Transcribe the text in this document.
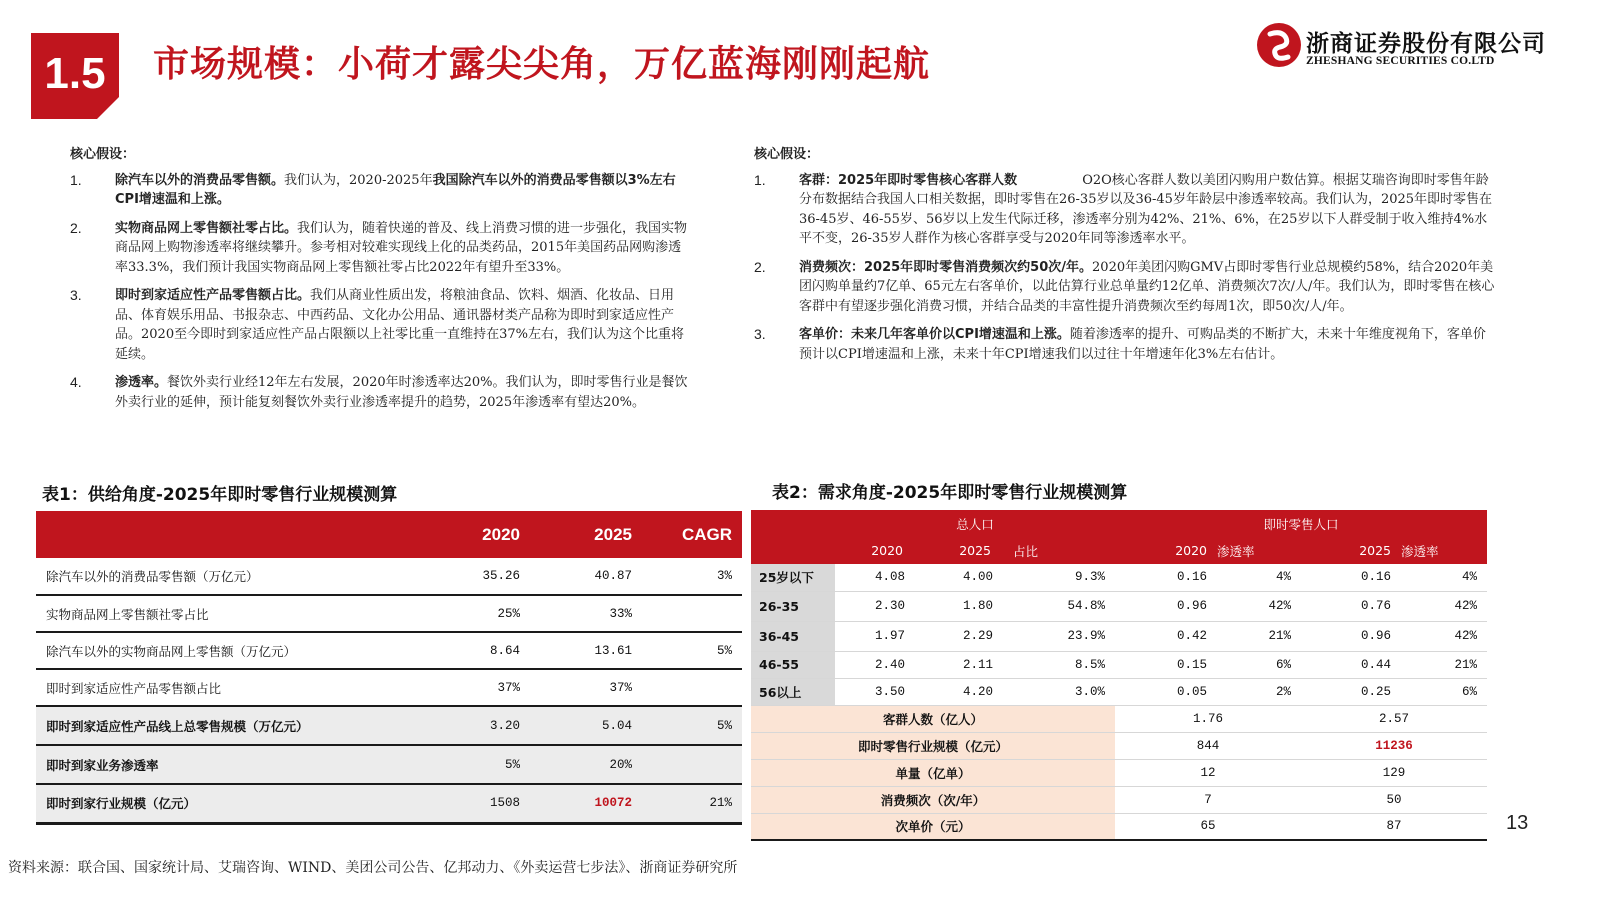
1.5	市场规模：小荷才露尖尖角，万亿蓝海刚刚起航	浙商证券股份有限公司
ZHESHANG SECURITIES CO.LTD
核心假设：
1.	除汽车以外的消费品零售额。我们认为，2020-2025年我国除汽车以外的消费品零售额以3%左右CPI增速温和上涨。
2.	实物商品网上零售额社零占比。我们认为，随着快递的普及、线上消费习惯的进一步强化，我国实物商品网上购物渗透率将继续攀升。参考相对较难实现线上化的品类药品，2015年美国药品网购渗透率33.3%，我们预计我国实物商品网上零售额社零占比2022年有望升至33%。
3.	即时到家适应性产品零售额占比。我们从商业性质出发，将粮油食品、饮料、烟酒、化妆品、日用品、体育娱乐用品、书报杂志、中西药品、文化办公用品、通讯器材类产品称为即时到家适应性产品。2020至今即时到家适应性产品占限额以上社零比重一直维持在37%左右，我们认为这个比重将延续。
4.	渗透率。餐饮外卖行业经12年左右发展，2020年时渗透率达20%。我们认为，即时零售行业是餐饮外卖行业的延伸，预计能复刻餐饮外卖行业渗透率提升的趋势，2025年渗透率有望达20%。
核心假设：
1.	客群：2025年即时零售核心客群人数　　　　　O2O核心客群人数以美团闪购用户数估算。根据艾瑞咨询即时零售年龄分布数据结合我国人口相关数据，即时零售在26-35岁以及36-45岁年龄层中渗透率较高。我们认为，2025年即时零售在36-45岁、46-55岁、56岁以上发生代际迁移，渗透率分别为42%、21%、6%，在25岁以下人群受制于收入维持4%水平不变，26-35岁人群作为核心客群享受与2020年同等渗透率水平。
2.	消费频次：2025年即时零售消费频次约50次/年。2020年美团闪购GMV占即时零售行业总规模约58%，结合2020年美团闪购单量约7亿单、65元左右客单价，以此估算行业总单量约12亿单、消费频次7次/人/年。我们认为，即时零售在核心客群中有望逐步强化消费习惯，并结合品类的丰富性提升消费频次至约每周1次，即50次/人/年。
3.	客单价：未来几年客单价以CPI增速温和上涨。随着渗透率的提升、可购品类的不断扩大，未来十年维度视角下，客单价预计以CPI增速温和上涨，未来十年CPI增速我们以过往十年增速年化3%左右估计。
表1：供给角度-2025年即时零售行业规模测算
	2020	2025	CAGR
除汽车以外的消费品零售额（万亿元）	35.26	40.87	3%
实物商品网上零售额社零占比	25%	33%	
除汽车以外的实物商品网上零售额（万亿元）	8.64	13.61	5%
即时到家适应性产品零售额占比	37%	37%	
即时到家适应性产品线上总零售规模（万亿元）	3.20	5.04	5%
即时到家业务渗透率	5%	20%	
即时到家行业规模（亿元）	1508	10072	21%
表2：需求角度-2025年即时零售行业规模测算
	总人口			即时零售人口			
	2020	2025	占比	2020	渗透率	2025	渗透率
25岁以下	4.08	4.00	9.3%	0.16	4%	0.16	4%
26-35	2.30	1.80	54.8%	0.96	42%	0.76	42%
36-45	1.97	2.29	23.9%	0.42	21%	0.96	42%
46-55	2.40	2.11	8.5%	0.15	6%	0.44	21%
56以上	3.50	4.20	3.0%	0.05	2%	0.25	6%
客群人数（亿人）				1.76		2.57	
即时零售行业规模（亿元）				844		11236	
单量（亿单）				12		129	
消费频次（次/年）				7		50	
次单价（元）				65		87		13
资料来源：联合国、国家统计局、艾瑞咨询、WIND、美团公司公告、亿邦动力、《外卖运营七步法》、浙商证券研究所
